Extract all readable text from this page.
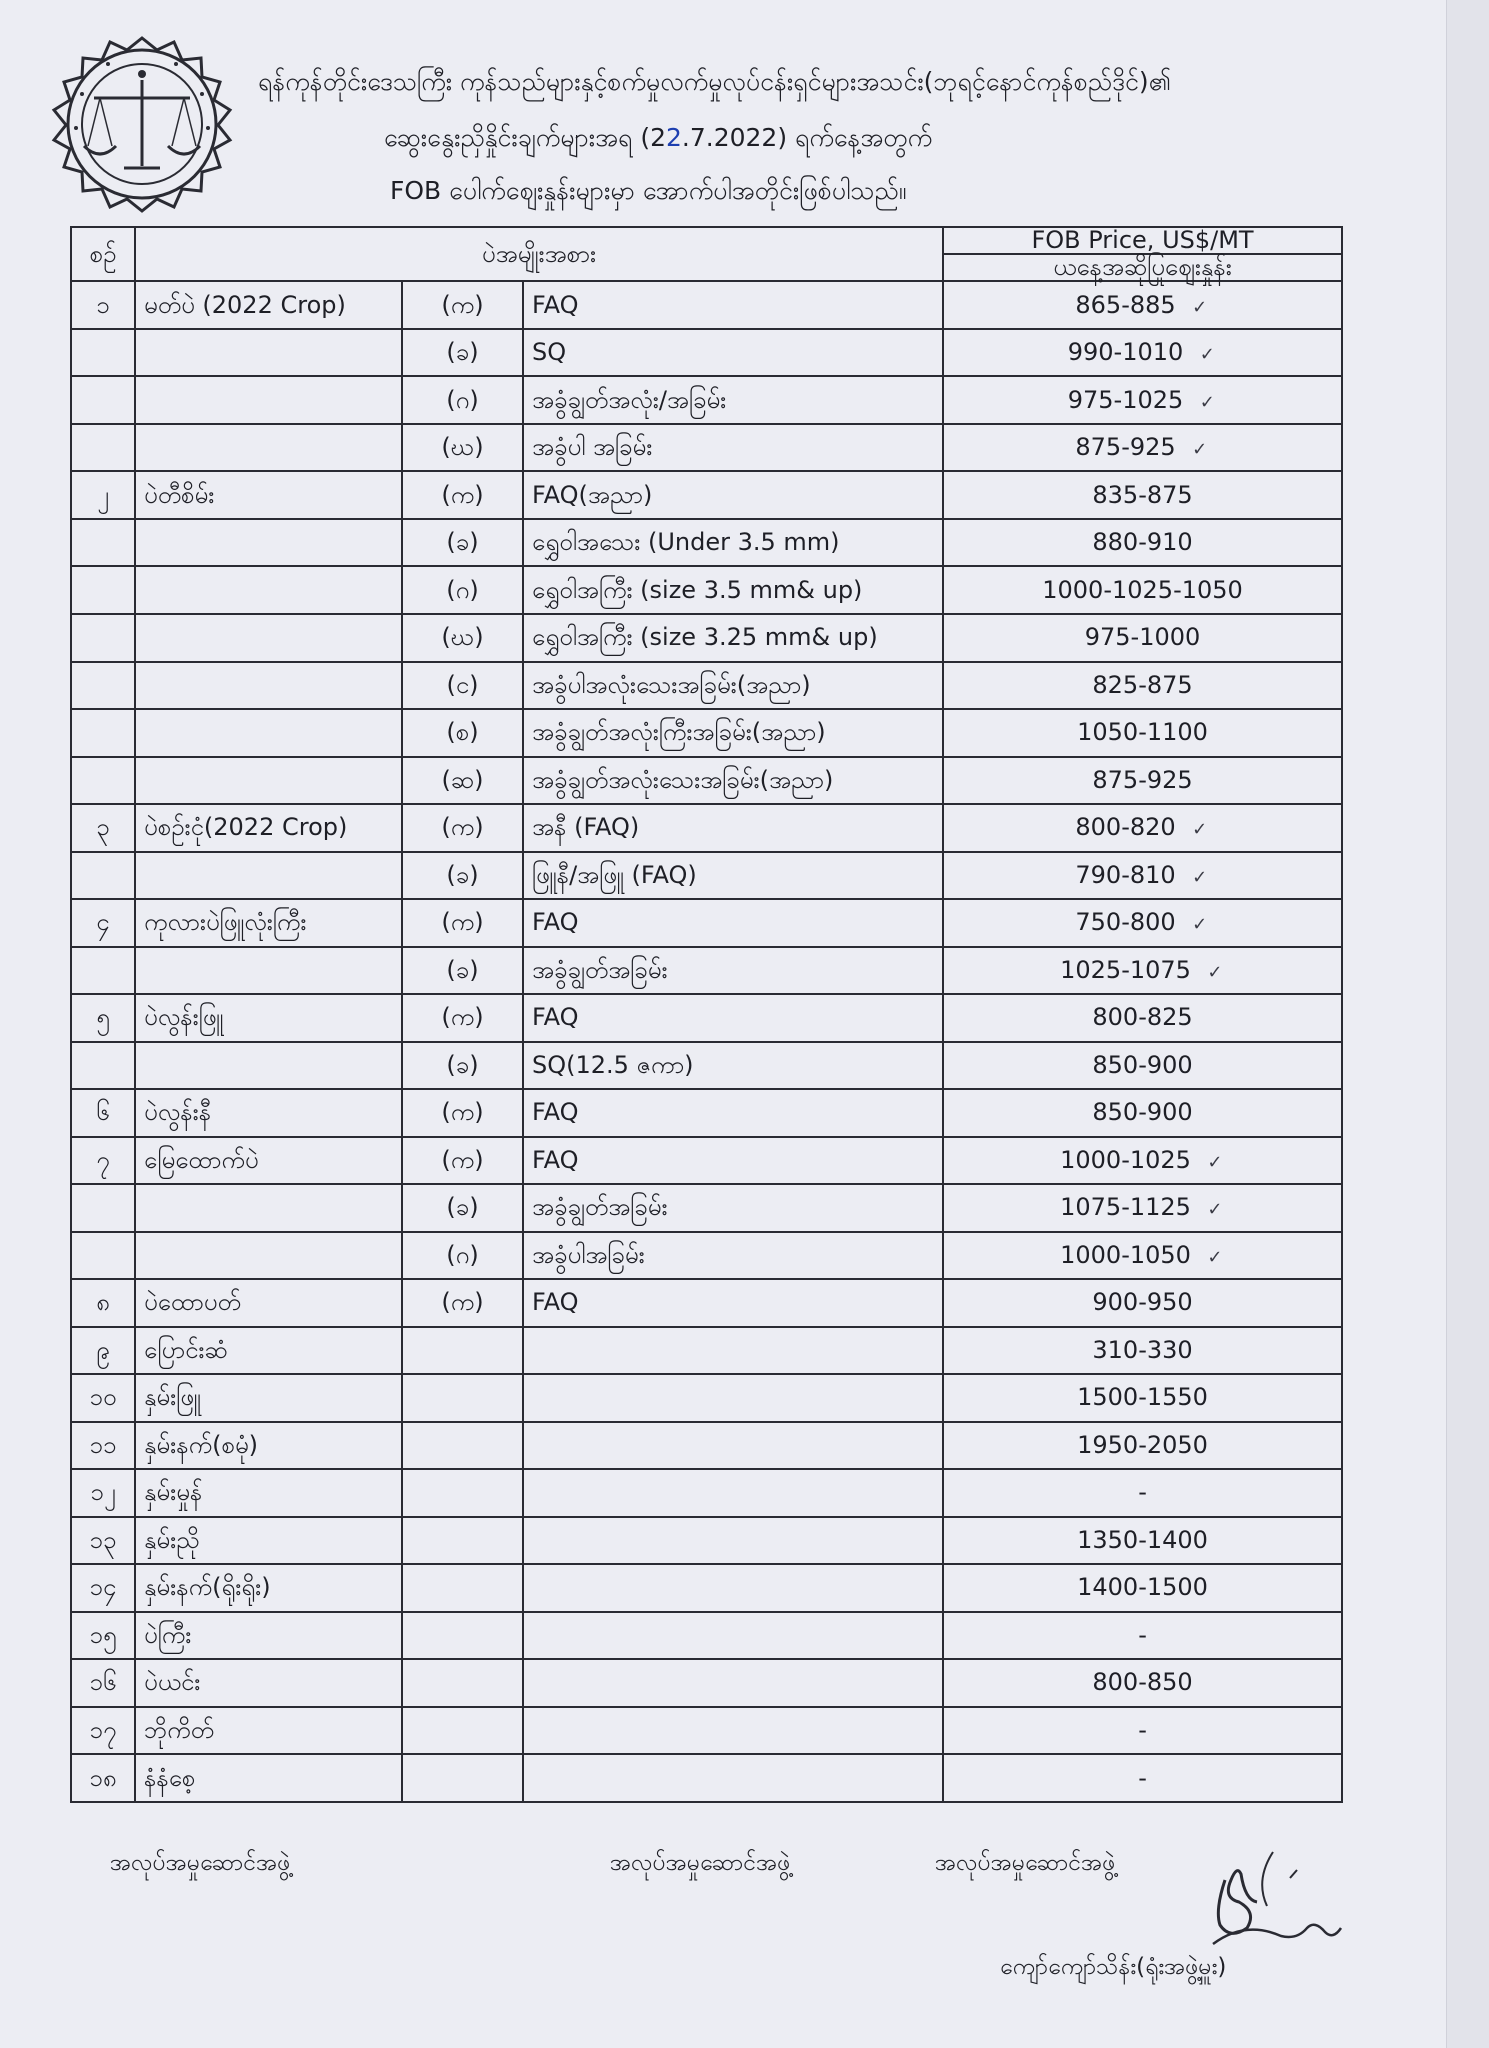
ရန်ကုန်တိုင်းဒေသကြီး ကုန်သည်များနှင့်စက်မှုလက်မှုလုပ်ငန်းရှင်များအသင်း(ဘုရင့်နောင်ကုန်စည်ဒိုင်)၏
ဆွေးနွေးညှိနှိုင်းချက်များအရ (22.7.2022) ရက်နေ့အတွက်
FOB ပေါက်ဈေးနှုန်းများမှာ အောက်ပါအတိုင်းဖြစ်ပါသည်။
စဉ်	ပဲအမျိုးအစား			FOB Price, US$/MT
				ယနေ့အဆိုပြုဈေးနှုန်း
၁	မတ်ပဲ (2022 Crop)	(က)	FAQ	865-885 ✓
		(ခ)	SQ	990-1010 ✓
		(ဂ)	အခွံချွတ်အလုံး/အခြမ်း	975-1025 ✓
		(ဃ)	အခွံပါ အခြမ်း	875-925 ✓
၂	ပဲတီစိမ်း	(က)	FAQ(အညာ)	835-875
		(ခ)	ရွှေဝါအသေး (Under 3.5 mm)	880-910
		(ဂ)	ရွှေဝါအကြီး (size 3.5 mm& up)	1000-1025-1050
		(ဃ)	ရွှေဝါအကြီး (size 3.25 mm& up)	975-1000
		(င)	အခွံပါအလုံးသေးအခြမ်း(အညာ)	825-875
		(စ)	အခွံချွတ်အလုံးကြီးအခြမ်း(အညာ)	1050-1100
		(ဆ)	အခွံချွတ်အလုံးသေးအခြမ်း(အညာ)	875-925
၃	ပဲစဉ်းငုံ(2022 Crop)	(က)	အနီ (FAQ)	800-820 ✓
		(ခ)	ဖြူနီ/အဖြူ (FAQ)	790-810 ✓
၄	ကုလားပဲဖြူလုံးကြီး	(က)	FAQ	750-800 ✓
		(ခ)	အခွံချွတ်အခြမ်း	1025-1075 ✓
၅	ပဲလွန်းဖြူ	(က)	FAQ	800-825
		(ခ)	SQ(12.5 ဇကာ)	850-900
၆	ပဲလွန်းနီ	(က)	FAQ	850-900
၇	မြေထောက်ပဲ	(က)	FAQ	1000-1025 ✓
		(ခ)	အခွံချွတ်အခြမ်း	1075-1125 ✓
		(ဂ)	အခွံပါအခြမ်း	1000-1050 ✓
၈	ပဲထောပတ်	(က)	FAQ	900-950
၉	ပြောင်းဆံ			310-330
၁၀	နှမ်းဖြူ			1500-1550
၁၁	နှမ်းနက်(စမုံ)			1950-2050
၁၂	နှမ်းမှုန်			-
၁၃	နှမ်းညို			1350-1400
၁၄	နှမ်းနက်(ရိုးရိုး)			1400-1500
၁၅	ပဲကြီး			-
၁၆	ပဲယင်း			800-850
၁၇	ဘိုကိတ်			-
၁၈	နံနံစေ့			-
အလုပ်အမှုဆောင်အဖွဲ့	အလုပ်အမှုဆောင်အဖွဲ့	အလုပ်အမှုဆောင်အဖွဲ့
ကျော်ကျော်သိန်း(ရုံးအဖွဲ့မှူး)
